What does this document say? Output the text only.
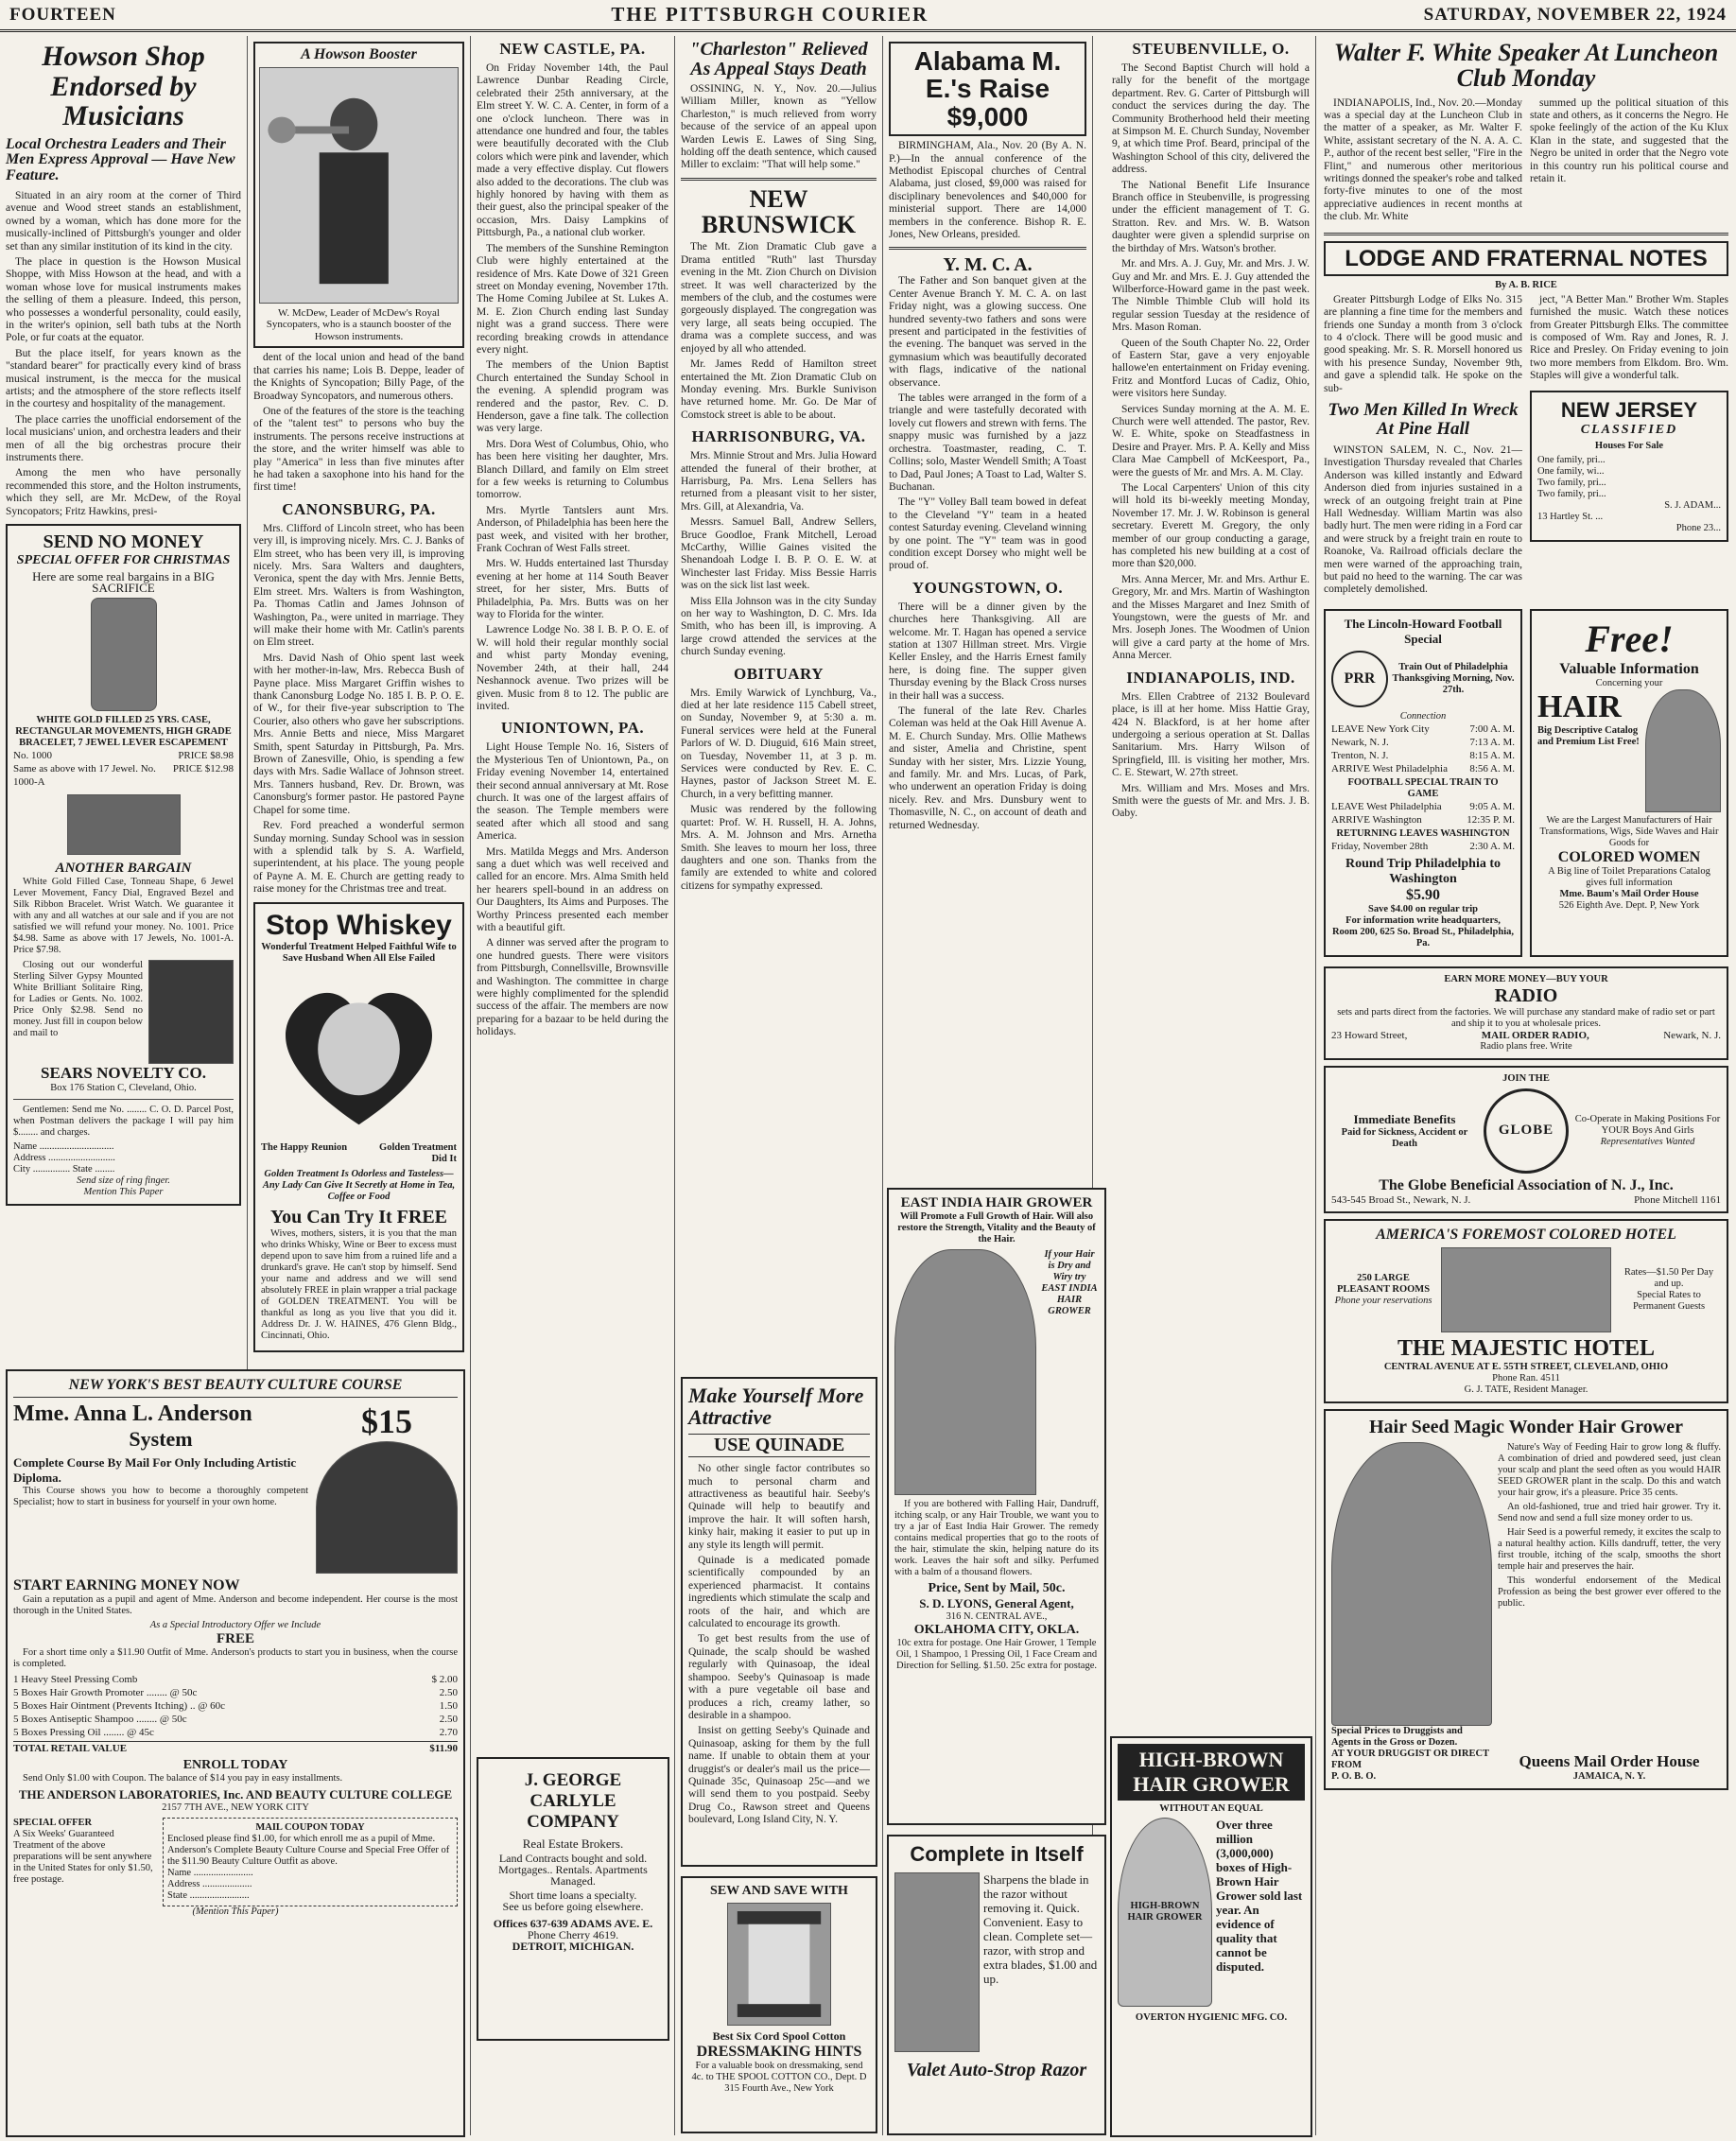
FOURTEEN	THE PITTSBURGH COURIER	SATURDAY, NOVEMBER 22, 1924
Howson Shop Endorsed by Musicians
Local Orchestra Leaders and Their Men Express Approval — Have New Feature.
Situated in an airy room at the corner of Third avenue and Wood street stands an establishment, owned by a woman, which has done more for the musically-inclined of Pittsburgh's younger and older set than any similar institution of its kind in the city.
The place in question is the Howson Musical Shoppe, with Miss Howson at the head, and with a woman whose love for musical instruments makes the selling of them a pleasure. Indeed, this person, who possesses a wonderful personality, could easily, in the writer's opinion, sell bath tubs at the North Pole, or fur coats at the equator.
But the place itself, for years known as the "standard bearer" for practically every kind of brass musical instrument, is the mecca for the musical artists; and the atmosphere of the store reflects itself in the courtesy and hospitality of the management.
The place carries the unofficial endorsement of the local musicians' union, and orchestra leaders and their men of all the big orchestras procure their instruments there.
Among the men who have personally recommended this store, and the Holton instruments, which they sell, are Mr. McDew, of the Royal Syncopators; Fritz Hawkins, presi-
SEND NO MONEY
SPECIAL OFFER FOR CHRISTMAS
Here are some real bargains in a BIG SACRIFICE
WHITE GOLD FILLED 25 YRS. CASE, RECTANGULAR MOVEMENTS, HIGH GRADE BRACELET, 7 JEWEL LEVER ESCAPEMENT
No. 1000	PRICE $8.98
Same as above with 17 Jewel. No. 1000-A
PRICE $12.98
ANOTHER BARGAIN
White Gold Filled Case, Tonneau Shape, 6 Jewel Lever Movement, Fancy Dial, Engraved Bezel and Silk Ribbon Bracelet. Wrist Watch. We guarantee it with any and all watches at our sale and if you are not satisfied we will refund your money. No. 1001. Price $4.98. Same as above with 17 Jewels, No. 1001-A. Price $7.98.
Closing out our wonderful Sterling Silver Gypsy Mounted White Brilliant Solitaire Ring, for Ladies or Gents. No. 1002. Price Only $2.98. Send no money. Just fill in coupon below and mail to
SEARS NOVELTY CO.
Box 176 Station C, Cleveland, Ohio.
Gentlemen: Send me No. ........ C. O. D. Parcel Post, when Postman delivers the package I will pay him $........ and charges.
Name ..............................
Address ...........................
City ............... State ........
Send size of ring finger.
Mention This Paper
A Howson Booster
W. McDew, Leader of McDew's Royal Syncopaters, who is a staunch booster of the Howson instruments.
dent of the local union and head of the band that carries his name; Lois B. Deppe, leader of the Knights of Syncopation; Billy Page, of the Broadway Syncopators, and numerous others.
One of the features of the store is the teaching of the "talent test" to persons who buy the instruments. The persons receive instructions at the store, and the writer himself was able to play "America" in less than five minutes after he had taken a saxophone into his hand for the first time!
CANONSBURG, PA.
Mrs. Clifford of Lincoln street, who has been very ill, is improving nicely. Mrs. C. J. Banks of Elm street, who has been very ill, is improving nicely. Mrs. Sara Walters and daughters, Veronica, spent the day with Mrs. Jennie Betts, Elm street. Mrs. Walters is from Washington, Pa. Thomas Catlin and James Johnson of Washington, Pa., were united in marriage. They will make their home with Mr. Catlin's parents on Elm street.
Mrs. David Nash of Ohio spent last week with her mother-in-law, Mrs. Rebecca Bush of Payne place. Miss Margaret Griffin wishes to thank Canonsburg Lodge No. 185 I. B. P. O. E. of W., for their five-year subscription to The Courier, also others who gave her subscriptions. Mrs. Annie Betts and niece, Miss Margaret Smith, spent Saturday in Pittsburgh, Pa. Mrs. Brown of Zanesville, Ohio, is spending a few days with Mrs. Sadie Wallace of Johnson street. Mrs. Tanners husband, Rev. Dr. Brown, was Canonsburg's former pastor. He pastored Payne Chapel for some time.
Rev. Ford preached a wonderful sermon Sunday morning. Sunday School was in session with a splendid talk by S. A. Warfield, superintendent, at his place. The young people of Payne A. M. E. Church are getting ready to raise money for the Christmas tree and treat.
Stop Whiskey
Wonderful Treatment Helped Faithful Wife to Save Husband When All Else Failed
The Happy Reunion	Golden Treatment Did It
Golden Treatment Is Odorless and Tasteless—Any Lady Can Give It Secretly at Home in Tea, Coffee or Food
You Can Try It FREE
Wives, mothers, sisters, it is you that the man who drinks Whisky, Wine or Beer to excess must depend upon to save him from a ruined life and a drunkard's grave. He can't stop by himself. Send your name and address and we will send absolutely FREE in plain wrapper a trial package of GOLDEN TREATMENT. You will be thankful as long as you live that you did it. Address Dr. J. W. HAINES, 476 Glenn Bldg., Cincinnati, Ohio.
NEW YORK'S BEST BEAUTY CULTURE COURSE
Mme. Anna L. Anderson
System
Complete Course By Mail For Only Including Artistic Diploma.
This Course shows you how to become a thoroughly competent Specialist; how to start in business for yourself in your own home.
$15
START EARNING MONEY NOW
Gain a reputation as a pupil and agent of Mme. Anderson and become independent. Her course is the most thorough in the United States.
As a Special Introductory Offer we Include
FREE
For a short time only a $11.90 Outfit of Mme. Anderson's products to start you in business, when the course is completed.
1 Heavy Steel Pressing Comb	$ 2.00
5 Boxes Hair Growth Promoter ........ @ 50c	2.50
5 Boxes Hair Ointment (Prevents Itching) .. @ 60c	1.50
5 Boxes Antiseptic Shampoo ........ @ 50c	2.50
5 Boxes Pressing Oil ........ @ 45c	2.70
TOTAL RETAIL VALUE	$11.90
ENROLL TODAY
Send Only $1.00 with Coupon. The balance of $14 you pay in easy installments.
THE ANDERSON LABORATORIES, Inc. AND BEAUTY CULTURE COLLEGE
2157 7TH AVE., NEW YORK CITY
SPECIAL OFFER
A Six Weeks' Guaranteed Treatment of the above preparations will be sent anywhere in the United States for only $1.50, free postage.
MAIL COUPON TODAY
Enclosed please find $1.00, for which enroll me as a pupil of Mme. Anderson's Complete Beauty Culture Course and Special Free Offer of the $11.90 Beauty Culture Outfit as above.
Name ........................
Address ....................
State ........................
(Mention This Paper)
NEW CASTLE, PA.
On Friday November 14th, the Paul Lawrence Dunbar Reading Circle, celebrated their 25th anniversary, at the Elm street Y. W. C. A. Center, in form of a one o'clock luncheon. There was in attendance one hundred and four, the tables were beautifully decorated with the Club colors which were pink and lavender, which made a very effective display. Cut flowers also added to the decorations. The club was highly honored by having with them as their guest, also the principal speaker of the occasion, Mrs. Daisy Lampkins of Pittsburgh, Pa., a national club worker.
The members of the Sunshine Remington Club were highly entertained at the residence of Mrs. Kate Dowe of 321 Green street on Monday evening, November 17th. The Home Coming Jubilee at St. Lukes A. M. E. Zion Church ending last Sunday night was a grand success. There were recording breaking crowds in attendance every night.
The members of the Union Baptist Church entertained the Sunday School in the evening. A splendid program was rendered and the pastor, Rev. C. D. Henderson, gave a fine talk. The collection was very large.
Mrs. Dora West of Columbus, Ohio, who has been here visiting her daughter, Mrs. Blanch Dillard, and family on Elm street for a few weeks is returning to Columbus tomorrow.
Mrs. Myrtle Tantslers aunt Mrs. Anderson, of Philadelphia has been here the past week, and visited with her brother, Frank Cochran of West Falls street.
Mrs. W. Hudds entertained last Thursday evening at her home at 114 South Beaver street, for her sister, Mrs. Butts of Philadelphia, Pa. Mrs. Butts was on her way to Florida for the winter.
Lawrence Lodge No. 38 I. B. P. O. E. of W. will hold their regular monthly social and whist party Monday evening, November 24th, at their hall, 244 Neshannock avenue. Two prizes will be given. Music from 8 to 12. The public are invited.
UNIONTOWN, PA.
Light House Temple No. 16, Sisters of the Mysterious Ten of Uniontown, Pa., on Friday evening November 14, entertained their second annual anniversary at Mt. Rose church. It was one of the largest affairs of the season. The Temple members were seated after which all stood and sang America.
Mrs. Matilda Meggs and Mrs. Anderson sang a duet which was well received and called for an encore. Mrs. Alma Smith held her hearers spell-bound in an address on Our Daughters, Its Aims and Purposes. The Worthy Princess presented each member with a beautiful gift.
A dinner was served after the program to one hundred guests. There were visitors from Pittsburgh, Connellsville, Brownsville and Washington. The committee in charge were highly complimented for the splendid success of the affair. The members are now preparing for a bazaar to be held during the holidays.
J. GEORGE CARLYLE COMPANY
Real Estate Brokers.
Land Contracts bought and sold. Mortgages.. Rentals. Apartments Managed.
Short time loans a specialty.
See us before going elsewhere.
Offices 637-639 ADAMS AVE. E.
Phone Cherry 4619.
DETROIT, MICHIGAN.
"Charleston" Relieved As Appeal Stays Death
OSSINING, N. Y., Nov. 20.—Julius William Miller, known as "Yellow Charleston," is much relieved from worry because of the service of an appeal upon Warden Lewis E. Lawes of Sing Sing, holding off the death sentence, which caused Miller to exclaim: "That will help some."
NEW BRUNSWICK
The Mt. Zion Dramatic Club gave a Drama entitled "Ruth" last Thursday evening in the Mt. Zion Church on Division street. It was well characterized by the members of the club, and the costumes were gorgeously displayed. The congregation was very large, all seats being occupied. The drama was a complete success, and was enjoyed by all who attended.
Mr. James Redd of Hamilton street entertained the Mt. Zion Dramatic Club on Monday evening. Mrs. Burkle Sunivison have returned home. Mr. Go. De Mar of Comstock street is able to be about.
HARRISONBURG, VA.
Mrs. Minnie Strout and Mrs. Julia Howard attended the funeral of their brother, at Harrisburg, Pa. Mrs. Lena Sellers has returned from a pleasant visit to her sister, Mrs. Gill, at Alexandria, Va.
Messrs. Samuel Ball, Andrew Sellers, Bruce Goodloe, Frank Mitchell, Leroad McCarthy, Willie Gaines visited the Shenandoah Lodge I. B. P. O. E. W. at Winchester last Friday. Miss Bessie Harris was on the sick list last week.
Miss Ella Johnson was in the city Sunday on her way to Washington, D. C. Mrs. Ida Smith, who has been ill, is improving. A large crowd attended the services at the church Sunday evening.
OBITUARY
Mrs. Emily Warwick of Lynchburg, Va., died at her late residence 115 Cabell street, on Sunday, November 9, at 5:30 a. m. Funeral services were held at the Funeral Parlors of W. D. Diuguid, 616 Main street, on Tuesday, November 11, at 3 p. m. Services were conducted by Rev. E. C. Haynes, pastor of Jackson Street M. E. Church, in a very befitting manner.
Music was rendered by the following quartet: Prof. W. H. Russell, H. A. Johns, Mrs. A. M. Johnson and Mrs. Arnetha Smith. She leaves to mourn her loss, three daughters and one son. Thanks from the family are extended to white and colored citizens for sympathy expressed.
Make Yourself More Attractive
USE QUINADE
No other single factor contributes so much to personal charm and attractiveness as beautiful hair. Seeby's Quinade will help to beautify and improve the hair. It will soften harsh, kinky hair, making it easier to put up in any style its length will permit.
Quinade is a medicated pomade scientifically compounded by an experienced pharmacist. It contains ingredients which stimulate the scalp and roots of the hair, and which are calculated to encourage its growth.
To get best results from the use of Quinade, the scalp should be washed regularly with Quinasoap, the ideal shampoo. Seeby's Quinasoap is made with a pure vegetable oil base and produces a rich, creamy lather, so desirable in a shampoo.
Insist on getting Seeby's Quinade and Quinasoap, asking for them by the full name. If unable to obtain them at your druggist's or dealer's mail us the price—Quinade 35c, Quinasoap 25c—and we will send them to you postpaid. Seeby Drug Co., Rawson street and Queens boulevard, Long Island City, N. Y.
SEW AND SAVE WITH
Best Six Cord Spool Cotton
DRESSMAKING HINTS
For a valuable book on dressmaking, send 4c. to THE SPOOL COTTON CO., Dept. D 315 Fourth Ave., New York
Alabama M. E.'s Raise $9,000
BIRMINGHAM, Ala., Nov. 20 (By A. N. P.)—In the annual conference of the Methodist Episcopal churches of Central Alabama, just closed, $9,000 was raised for disciplinary benevolences and $40,000 for ministerial support. There are 14,000 members in the conference. Bishop R. E. Jones, New Orleans, presided.
Y. M. C. A.
The Father and Son banquet given at the Center Avenue Branch Y. M. C. A. on last Friday night, was a glowing success. One hundred seventy-two fathers and sons were present and participated in the festivities of the evening. The banquet was served in the gymnasium which was beautifully decorated with flags, indicative of the national observance.
The tables were arranged in the form of a triangle and were tastefully decorated with lovely cut flowers and strewn with ferns. The snappy music was furnished by a jazz orchestra. Toastmaster, reading, C. T. Collins; solo, Master Wendell Smith; A Toast to Dad, Paul Jones; A Toast to Lad, Walter S. Buchanan.
The "Y" Volley Ball team bowed in defeat to the Cleveland "Y" team in a heated contest Saturday evening. Cleveland winning by one point. The "Y" team was in good condition except Dorsey who might well be proud of.
YOUNGSTOWN, O.
There will be a dinner given by the churches here Thanksgiving. All are welcome. Mr. T. Hagan has opened a service station at 1307 Hillman street. Mrs. Virgie Keller Ensley, and the Harris Ernest family here, is doing fine. The supper given Thursday evening by the Black Cross nurses in their hall was a success.
The funeral of the late Rev. Charles Coleman was held at the Oak Hill Avenue A. M. E. Church Sunday. Mrs. Ollie Mathews and sister, Amelia and Christine, spent Sunday with her sister, Mrs. Lizzie Young, and family. Mr. and Mrs. Lucas, of Park, who underwent an operation Friday is doing nicely. Rev. and Mrs. Dunsbury went to Thomasville, N. C., on account of death and returned Wednesday.
EAST INDIA HAIR GROWER
Will Promote a Full Growth of Hair. Will also restore the Strength, Vitality and the Beauty of the Hair.
If your Hair is Dry and Wiry try EAST INDIA HAIR GROWER
If you are bothered with Falling Hair, Dandruff, itching scalp, or any Hair Trouble, we want you to try a jar of East India Hair Grower. The remedy contains medical properties that go to the roots of the hair, stimulate the skin, helping nature do its work. Leaves the hair soft and silky. Perfumed with a balm of a thousand flowers.
Price, Sent by Mail, 50c.
S. D. LYONS, General Agent,
316 N. CENTRAL AVE.,
OKLAHOMA CITY, OKLA.
10c extra for postage. One Hair Grower, 1 Temple Oil, 1 Shampoo, 1 Pressing Oil, 1 Face Cream and Direction for Selling. $1.50. 25c extra for postage.
Complete in Itself
Sharpens the blade in the razor without removing it. Quick. Convenient. Easy to clean. Complete set—razor, with strop and extra blades, $1.00 and up.
Valet Auto-Strop Razor
STEUBENVILLE, O.
The Second Baptist Church will hold a rally for the benefit of the mortgage department. Rev. G. Carter of Pittsburgh will conduct the services during the day. The Community Brotherhood held their meeting at Simpson M. E. Church Sunday, November 9, at which time Prof. Beard, principal of the Washington School of this city, delivered the address.
The National Benefit Life Insurance Branch office in Steubenville, is progressing under the efficient management of T. G. Stratton. Rev. and Mrs. W. B. Watson daughter were given a splendid surprise on the birthday of Mrs. Watson's brother.
Mr. and Mrs. A. J. Guy, Mr. and Mrs. J. W. Guy and Mr. and Mrs. E. J. Guy attended the Wilberforce-Howard game in the past week. The Nimble Thimble Club will hold its regular session Tuesday at the residence of Mrs. Mason Roman.
Queen of the South Chapter No. 22, Order of Eastern Star, gave a very enjoyable hallowe'en entertainment on Friday evening. Fritz and Montford Lucas of Cadiz, Ohio, were visitors here Sunday.
Services Sunday morning at the A. M. E. Church were well attended. The pastor, Rev. W. E. White, spoke on Steadfastness in Desire and Prayer. Mrs. P. A. Kelly and Miss Clara Mae Campbell of McKeesport, Pa., were the guests of Mr. and Mrs. A. M. Clay.
The Local Carpenters' Union of this city will hold its bi-weekly meeting Monday, November 17. Mr. J. W. Robinson is general secretary. Everett M. Gregory, the only member of our group conducting a garage, has completed his new building at a cost of more than $20,000.
Mrs. Anna Mercer, Mr. and Mrs. Arthur E. Gregory, Mr. and Mrs. Martin of Washington and the Misses Margaret and Inez Smith of Youngstown, were the guests of Mr. and Mrs. Joseph Jones. The Woodmen of Union will give a card party at the home of Mrs. Anna Mercer.
INDIANAPOLIS, IND.
Mrs. Ellen Crabtree of 2132 Boulevard place, is ill at her home. Miss Hattie Gray, 424 N. Blackford, is at her home after undergoing a serious operation at St. Dallas Sanitarium. Mrs. Harry Wilson of Springfield, Ill. is visiting her mother, Mrs. C. E. Stewart, W. 27th street.
Mrs. William and Mrs. Moses and Mrs. Smith were the guests of Mr. and Mrs. J. B. Oaby.
HIGH-BROWN HAIR GROWER
WITHOUT AN EQUAL
HIGH-BROWN HAIR GROWER
Over three million (3,000,000) boxes of High-Brown Hair Grower sold last year. An evidence of quality that cannot be disputed.
OVERTON HYGIENIC MFG. CO.
Walter F. White Speaker At Luncheon Club Monday
INDIANAPOLIS, Ind., Nov. 20.—Monday was a special day at the Luncheon Club in the matter of a speaker, as Mr. Walter F. White, assistant secretary of the N. A. A. C. P., author of the recent best seller, "Fire in the Flint," and numerous other meritorious writings donned the speaker's robe and talked forty-five minutes to one of the most appreciative audiences in recent months at the club. Mr. White
summed up the political situation of this state and others, as it concerns the Negro. He spoke feelingly of the action of the Ku Klux Klan in the state, and suggested that the Negro be united in order that the Negro vote in this country run his political course and retain it.
LODGE AND FRATERNAL NOTES
By A. B. RICE
Greater Pittsburgh Lodge of Elks No. 315 are planning a fine time for the members and friends one Sunday a month from 3 o'clock to 4 o'clock. There will be good music and good speaking. Mr. S. R. Morsell honored us with his presence Sunday, November 9th, and gave a splendid talk. He spoke on the sub-
Two Men Killed In Wreck At Pine Hall
WINSTON SALEM, N. C., Nov. 21—Investigation Thursday revealed that Charles Anderson was killed instantly and Edward Anderson died from injuries sustained in a wreck of an outgoing freight train at Pine Hall Wednesday. William Martin was also badly hurt. The men were riding in a Ford car and were struck by a freight train en route to Roanoke, Va. Railroad officials declare the men were warned of the approaching train, but paid no heed to the warning. The car was completely demolished.
ject, "A Better Man." Brother Wm. Staples furnished the music. Watch these notices from Greater Pittsburgh Elks. The committee is composed of Wm. Ray and Jones, R. J. Rice and Presley. On Friday evening to join two more members from Elkdom. Bro. Wm. Staples will give a wonderful talk.
NEW JERSEY
CLASSIFIED
Houses For Sale
One family, pri...
One family, wi...
Two family, pri...
Two family, pri...
S. J. ADAM...
13 Hartley St. ...
Phone 23...
The Lincoln-Howard Football Special
PRR
Train Out of Philadelphia Thanksgiving Morning, Nov. 27th.
Connection
LEAVE New York City	7:00 A. M.
Newark, N. J.	7:13 A. M.
Trenton, N. J.	8:15 A. M.
ARRIVE West Philadelphia 8:56 A. M.
FOOTBALL SPECIAL TRAIN TO GAME
LEAVE West Philadelphia	9:05 A. M.
ARRIVE Washington	12:35 P. M.
RETURNING LEAVES WASHINGTON
Friday, November 28th	2:30 A. M.
Round Trip Philadelphia to Washington
$5.90
Save $4.00 on regular trip
For information write headquarters,
Room 200, 625 So. Broad St., Philadelphia, Pa.
Free!
Valuable Information
Concerning your
HAIR
Big Descriptive Catalog and Premium List Free!
We are the Largest Manufacturers of Hair Transformations, Wigs, Side Waves and Hair Goods for
COLORED WOMEN
A Big line of Toilet Preparations Catalog gives full information
Mme. Baum's Mail Order House
526 Eighth Ave. Dept. P, New York
EARN MORE MONEY—BUY YOUR
RADIO
sets and parts direct from the factories. We will purchase any standard make of radio set or part and ship it to you at wholesale prices.
23 Howard Street,	MAIL ORDER RADIO,	Newark, N. J.
Radio plans free. Write
JOIN THE
Immediate Benefits
Paid for Sickness, Accident or Death
GLOBE
Co-Operate in Making Positions For YOUR Boys And Girls
Representatives Wanted
The Globe Beneficial Association of N. J., Inc.
543-545 Broad St., Newark, N. J.	Phone Mitchell 1161
AMERICA'S FOREMOST COLORED HOTEL
250 LARGE PLEASANT ROOMS
Phone your reservations
Rates—$1.50 Per Day and up.
Special Rates to Permanent Guests
THE MAJESTIC HOTEL
CENTRAL AVENUE AT E. 55TH STREET, CLEVELAND, OHIO
Phone Ran. 4511
G. J. TATE, Resident Manager.
Hair Seed Magic Wonder Hair Grower
Nature's Way of Feeding Hair to grow long & fluffy. A combination of dried and powdered seed, just clean your scalp and plant the seed often as you would HAIR SEED GROWER plant in the scalp. Do this and watch your hair grow, it's a pleasure. Price 35 cents.
An old-fashioned, true and tried hair grower. Try it. Send now and send a full size money order to us.
Hair Seed is a powerful remedy, it excites the scalp to a natural healthy action. Kills dandruff, tetter, the very first trouble, itching of the scalp, smooths the short temple hair and preserves the hair.
This wonderful endorsement of the Medical Profession as being the best grower ever offered to the public.
Special Prices to Druggists and Agents in the Gross or Dozen.
AT YOUR DRUGGIST OR DIRECT FROM
P. O. B. O.
Queens Mail Order House
JAMAICA, N. Y.
